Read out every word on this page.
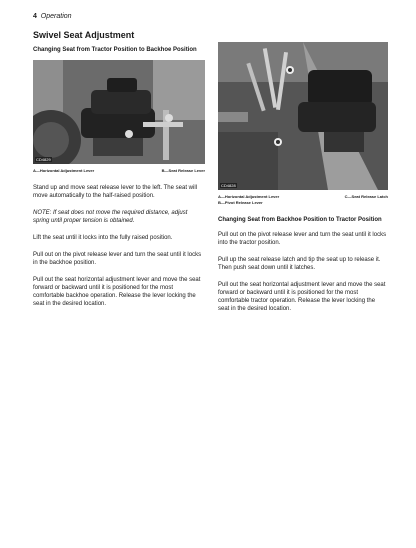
4 Operation
Swivel Seat Adjustment
Changing Seat from Tractor Position to Backhoe Position
CD4829
A—Horizontal Adjustment Lever	B—Seat Release Lever

Stand up and move seat release lever to the left. The seat will move automatically to the half-raised position.

NOTE: If seat does not move the required distance, adjust spring until proper tension is obtained.

Lift the seat until it locks into the fully raised position.

Pull out on the pivot release lever and turn the seat until it locks in the backhoe position.

Pull out the seat horizontal adjustment lever and move the seat forward or backward until it is positioned for the most comfortable backhoe operation. Release the lever locking the seat in the desired location.

A
B
CD4828
A—Horizontal Adjustment Lever	C—Seat Release Latch
B—Pivot Release Lever
Changing Seat from Backhoe Position to Tractor Position

Pull out on the pivot release lever and turn the seat until it locks into the tractor position.

Pull up the seat release latch and tip the seat up to release it. Then push seat down until it latches.

Pull out the seat horizontal adjustment lever and move the seat forward or backward until it is positioned for the most comfortable tractor operation. Release the lever locking the seat in the desired location.
